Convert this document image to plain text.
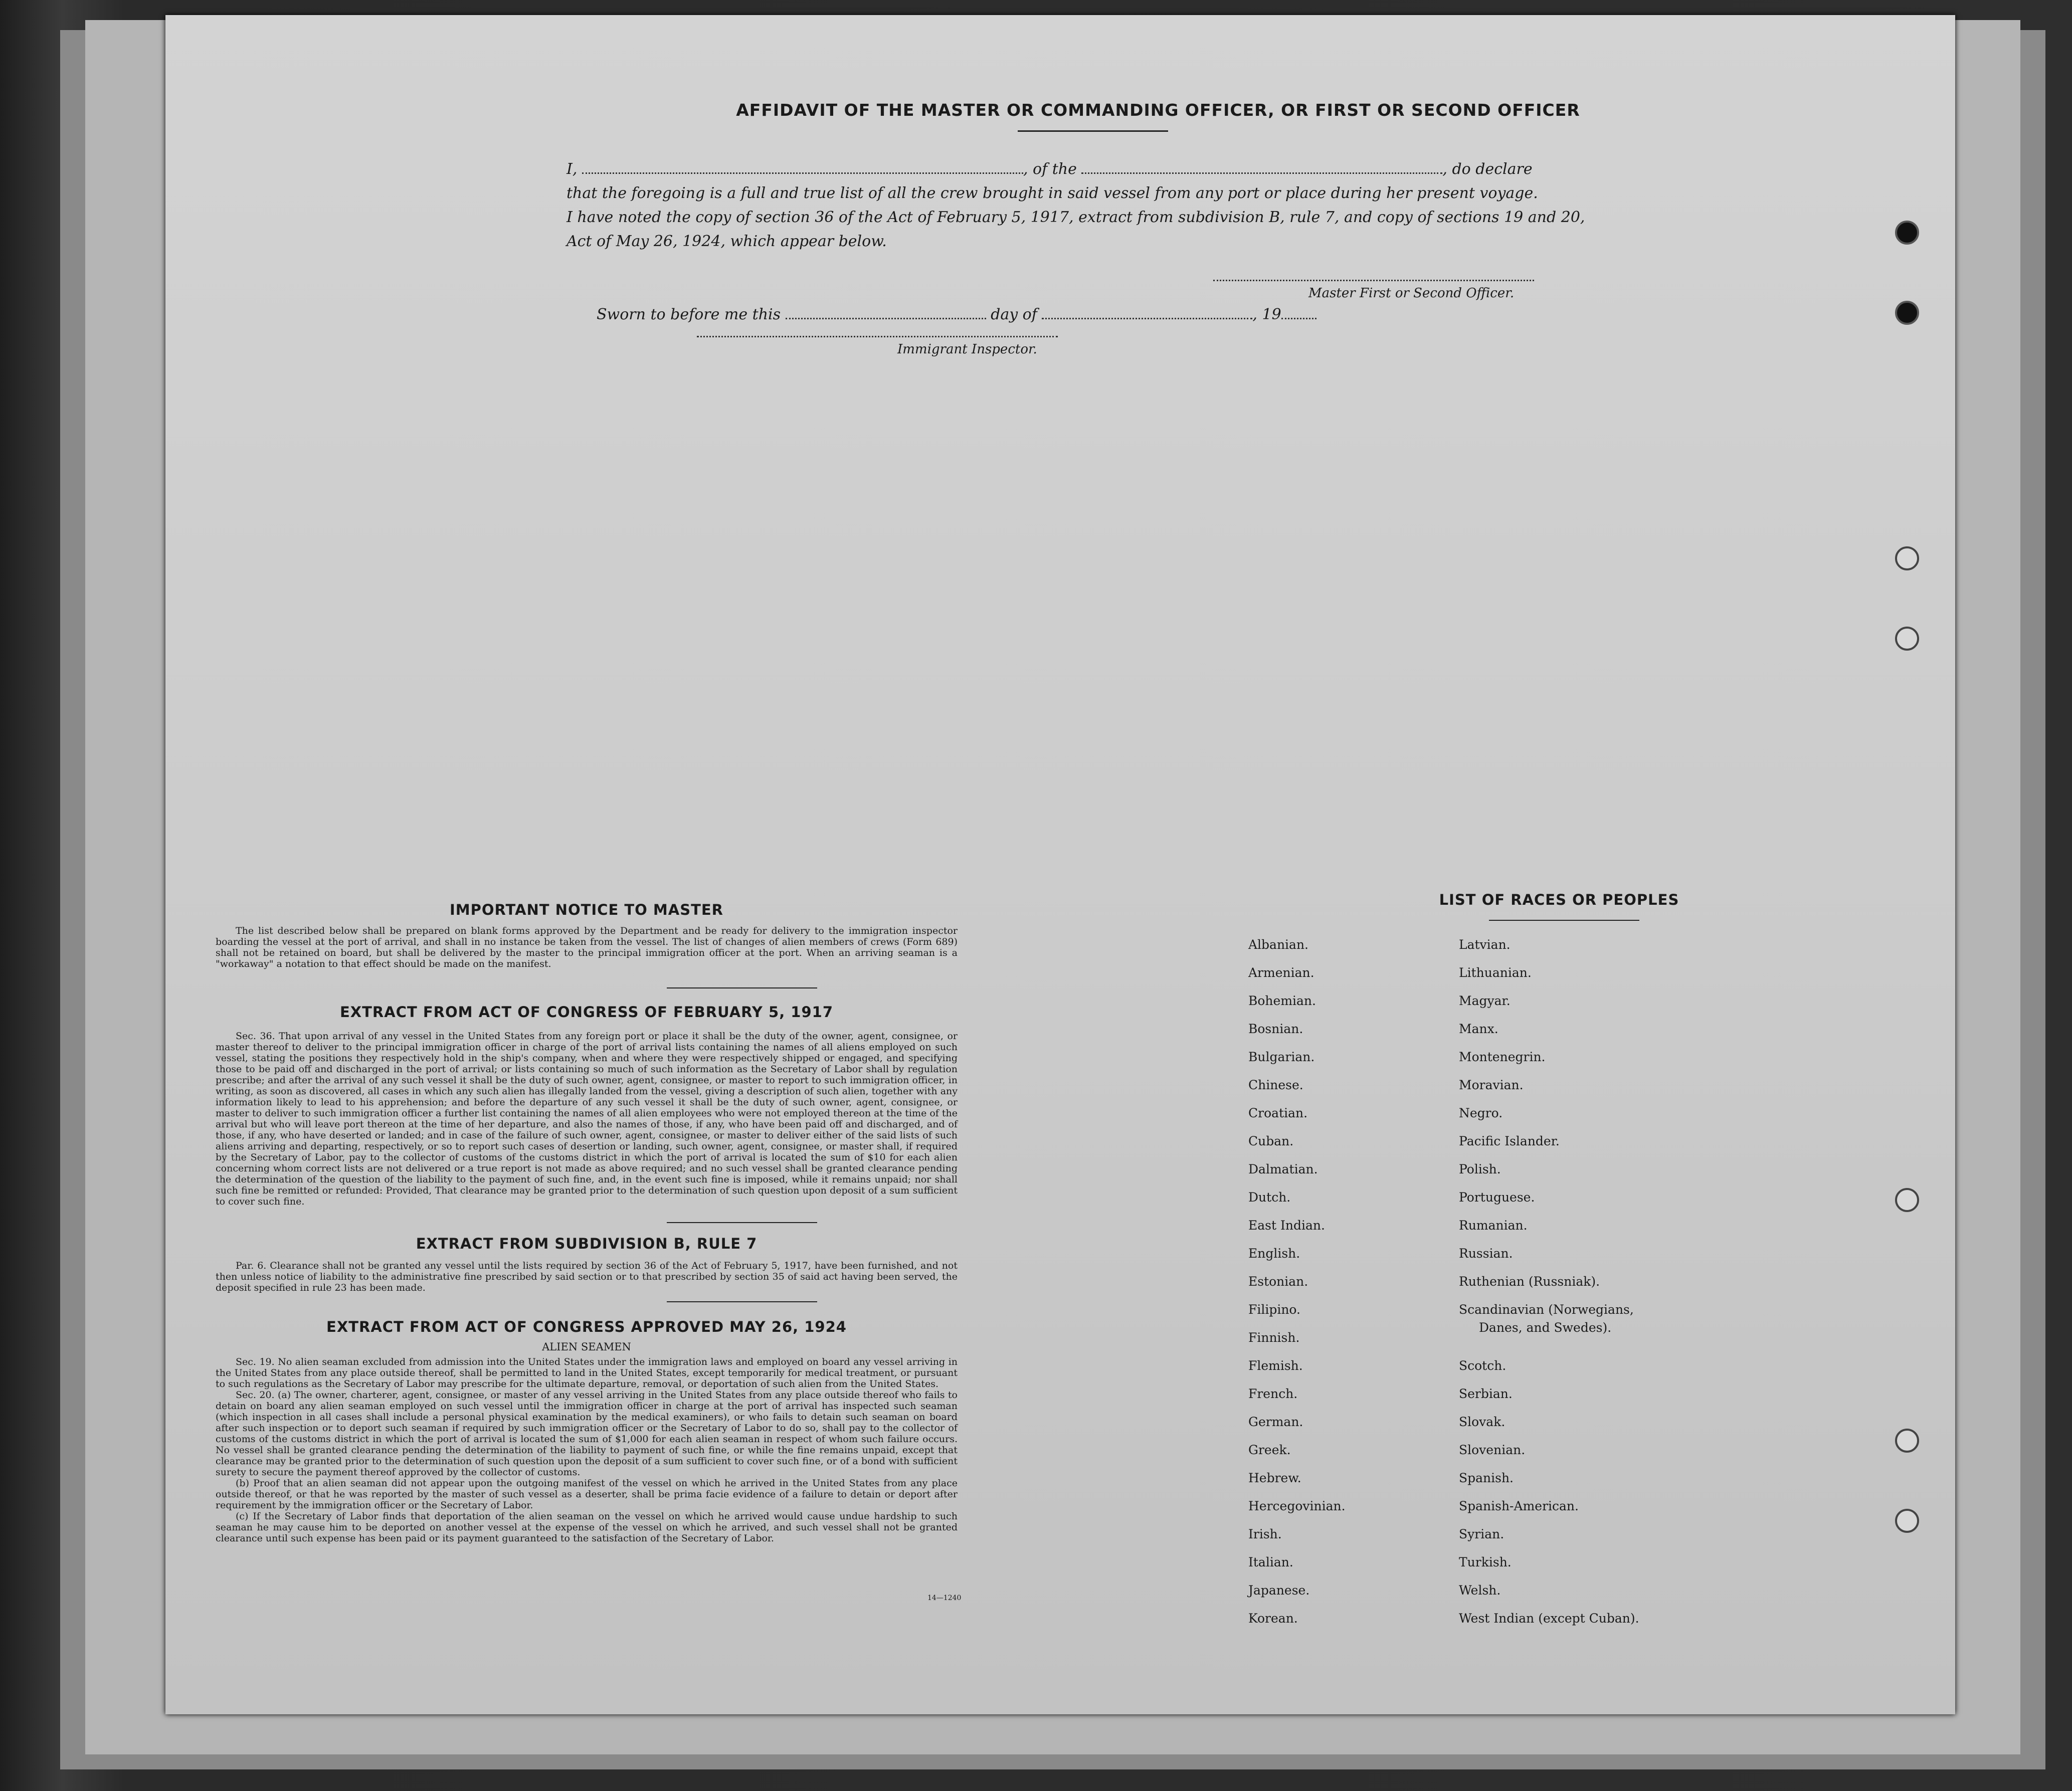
AFFIDAVIT OF THE MASTER OR COMMANDING OFFICER, OR FIRST OR SECOND OFFICER
I,	, of the	, do declare
that the foregoing is a full and true list of all the crew brought in said vessel from any port or place during her present voyage.
I have noted the copy of section 36 of the Act of February 5, 1917, extract from subdivision B, rule 7, and copy of sections 19 and 20,
Act of May 26, 1924, which appear below.
Master First or Second Officer.
Sworn to before me this	day of	, 19
Immigrant Inspector.
IMPORTANT NOTICE TO MASTER

The list described below shall be prepared on blank forms approved by the Department and be ready for delivery to the immigration inspector boarding the vessel at the port of arrival, and shall in no instance be taken from the vessel. The list of changes of alien members of crews (Form 689) shall not be retained on board, but shall be delivered by the master to the principal immigration officer at the port. When an arriving seaman is a "workaway" a notation to that effect should be made on the manifest.

EXTRACT FROM ACT OF CONGRESS OF FEBRUARY 5, 1917

Sec. 36. That upon arrival of any vessel in the United States from any foreign port or place it shall be the duty of the owner, agent, consignee, or master thereof to deliver to the principal immigration officer in charge of the port of arrival lists containing the names of all aliens employed on such vessel, stating the positions they respectively hold in the ship's company, when and where they were respectively shipped or engaged, and specifying those to be paid off and discharged in the port of arrival; or lists containing so much of such information as the Secretary of Labor shall by regulation prescribe; and after the arrival of any such vessel it shall be the duty of such owner, agent, consignee, or master to report to such immigration officer, in writing, as soon as discovered, all cases in which any such alien has illegally landed from the vessel, giving a description of such alien, together with any information likely to lead to his apprehension; and before the departure of any such vessel it shall be the duty of such owner, agent, consignee, or master to deliver to such immigration officer a further list containing the names of all alien employees who were not employed thereon at the time of the arrival but who will leave port thereon at the time of her departure, and also the names of those, if any, who have been paid off and discharged, and of those, if any, who have deserted or landed; and in case of the failure of such owner, agent, consignee, or master to deliver either of the said lists of such aliens arriving and departing, respectively, or so to report such cases of desertion or landing, such owner, agent, consignee, or master shall, if required by the Secretary of Labor, pay to the collector of customs of the customs district in which the port of arrival is located the sum of $10 for each alien concerning whom correct lists are not delivered or a true report is not made as above required; and no such vessel shall be granted clearance pending the determination of the question of the liability to the payment of such fine, and, in the event such fine is imposed, while it remains unpaid; nor shall such fine be remitted or refunded: Provided, That clearance may be granted prior to the determination of such question upon deposit of a sum sufficient to cover such fine.

EXTRACT FROM SUBDIVISION B, RULE 7

Par. 6. Clearance shall not be granted any vessel until the lists required by section 36 of the Act of February 5, 1917, have been furnished, and not then unless notice of liability to the administrative fine prescribed by said section or to that prescribed by section 35 of said act having been served, the deposit specified in rule 23 has been made.

EXTRACT FROM ACT OF CONGRESS APPROVED MAY 26, 1924
ALIEN SEAMEN

Sec. 19. No alien seaman excluded from admission into the United States under the immigration laws and employed on board any vessel arriving in the United States from any place outside thereof, shall be permitted to land in the United States, except temporarily for medical treatment, or pursuant to such regulations as the Secretary of Labor may prescribe for the ultimate departure, removal, or deportation of such alien from the United States.

Sec. 20. (a) The owner, charterer, agent, consignee, or master of any vessel arriving in the United States from any place outside thereof who fails to detain on board any alien seaman employed on such vessel until the immigration officer in charge at the port of arrival has inspected such seaman (which inspection in all cases shall include a personal physical examination by the medical examiners), or who fails to detain such seaman on board after such inspection or to deport such seaman if required by such immigration officer or the Secretary of Labor to do so, shall pay to the collector of customs of the customs district in which the port of arrival is located the sum of $1,000 for each alien seaman in respect of whom such failure occurs. No vessel shall be granted clearance pending the determination of the liability to payment of such fine, or while the fine remains unpaid, except that clearance may be granted prior to the determination of such question upon the deposit of a sum sufficient to cover such fine, or of a bond with sufficient surety to secure the payment thereof approved by the collector of customs.

(b) Proof that an alien seaman did not appear upon the outgoing manifest of the vessel on which he arrived in the United States from any place outside thereof, or that he was reported by the master of such vessel as a deserter, shall be prima facie evidence of a failure to detain or deport after requirement by the immigration officer or the Secretary of Labor.

(c) If the Secretary of Labor finds that deportation of the alien seaman on the vessel on which he arrived would cause undue hardship to such seaman he may cause him to be deported on another vessel at the expense of the vessel on which he arrived, and such vessel shall not be granted clearance until such expense has been paid or its payment guaranteed to the satisfaction of the Secretary of Labor.

14—1240
LIST OF RACES OR PEOPLES
Albanian.
Armenian.
Bohemian.
Bosnian.
Bulgarian.
Chinese.
Croatian.
Cuban.
Dalmatian.
Dutch.
East Indian.
English.
Estonian.
Filipino.
Finnish.
Flemish.
French.
German.
Greek.
Hebrew.
Hercegovinian.
Irish.
Italian.
Japanese.
Korean.
Latvian.
Lithuanian.
Magyar.
Manx.
Montenegrin.
Moravian.
Negro.
Pacific Islander.
Polish.
Portuguese.
Rumanian.
Russian.
Ruthenian (Russniak).
Scandinavian (Norwegians,
Danes, and Swedes).
Scotch.
Serbian.
Slovak.
Slovenian.
Spanish.
Spanish-American.
Syrian.
Turkish.
Welsh.
West Indian (except Cuban).
